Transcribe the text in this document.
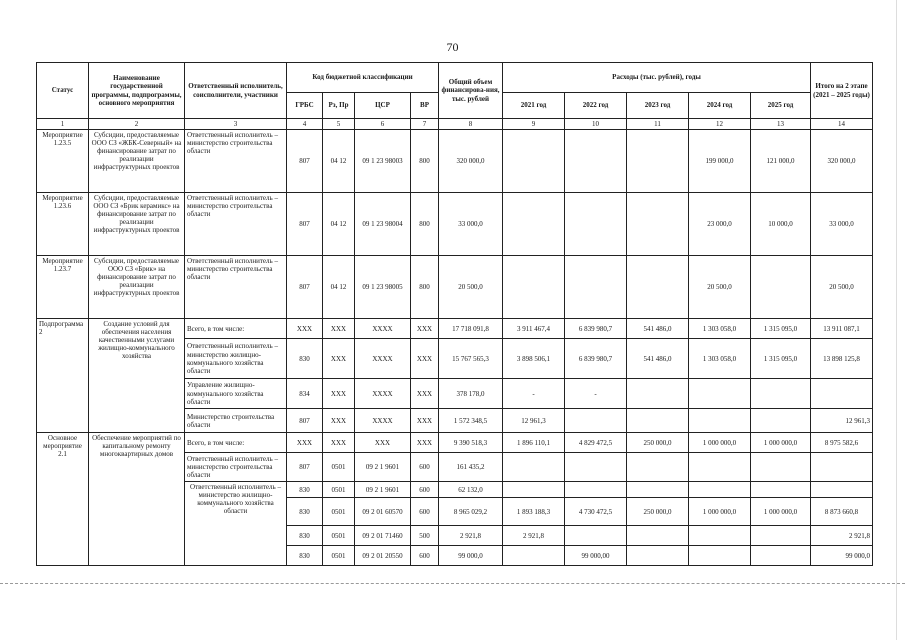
70
Статус	Наименование государственной программы, подпрограммы, основного мероприятия	Ответственный исполнитель, соисполнители, участники	Код бюджетной классификации				Общий объем финансирова-ния, тыс. рублей	Расходы (тыс. рублей), годы					Итого на 2 этапе (2021 – 2025 годы)
			ГРБС	Рз, Пр	ЦСР	ВР		2021 год	2022 год	2023 год	2024 год	2025 год	
1	2	3	4	5	6	7	8	9	10	11	12	13	14
Мероприятие 1.23.5	Субсидии, предоставляемые ООО СЗ «ЖБК-Северный» на финансирование затрат по реализации инфраструктурных проектов	Ответственный исполнитель – министерство строительства области	807	04 12	09 1 23 98003	800	320 000,0				199 000,0	121 000,0	320 000,0
Мероприятие 1.23.6	Субсидии, предоставляемые ООО СЗ «Брик керамикс» на финансирование затрат по реализации инфраструктурных проектов	Ответственный исполнитель – министерство строительства области	807	04 12	09 1 23 98004	800	33 000,0				23 000,0	10 000,0	33 000,0
Мероприятие 1.23.7	Субсидии, предоставляемые ООО СЗ «Брик» на финансирование затрат по реализации инфраструктурных проектов	Ответственный исполнитель – министерство строительства области	807	04 12	09 1 23 98005	800	20 500,0				20 500,0		20 500,0
Подпрограмма 2	Создание условий для обеспечения населения качественными услугами жилищно-коммунального хозяйства	Всего, в том числе:	ХХХ	ХХХ	ХХХХ	ХХХ	17 718 091,8	3 911 467,4	6 839 980,7	541 486,0	1 303 058,0	1 315 095,0	13 911 087,1
		Ответственный исполнитель – министерство жилищно-коммунального хозяйства области	830	ХХХ	ХХХХ	ХХХ	15 767 565,3	3 898 506,1	6 839 980,7	541 486,0	1 303 058,0	1 315 095,0	13 898 125,8
		Управление жилищно-коммунального хозяйства области	834	ХХХ	ХХХХ	ХХХ	378 178,0	-	-				
		Министерство строительства области	807	ХХХ	ХХХХ	ХХХ	1 572 348,5	12 961,3					12 961,3
Основное мероприятие 2.1	Обеспечение мероприятий по капитальному ремонту многоквартирных домов	Всего, в том числе:	ХХХ	ХХХ	ХХХ	ХХХ	9 390 518,3	1 896 110,1	4 829 472,5	250 000,0	1 000 000,0	1 000 000,0	8 975 582,6
		Ответственный исполнитель – министерство строительства области	807	0501	09 2 1 9601	600	161 435,2						
		Ответственный исполнитель – министерство жилищно-коммунального хозяйства области	830	0501	09 2 1 9601	600	62 132,0						
			830	0501	09 2 01 60570	600	8 965 029,2	1 893 188,3	4 730 472,5	250 000,0	1 000 000,0	1 000 000,0	8 873 660,8
			830	0501	09 2 01 71460	500	2 921,8	2 921,8					2 921,8
			830	0501	09 2 01 20550	600	99 000,0		99 000,00				99 000,0
